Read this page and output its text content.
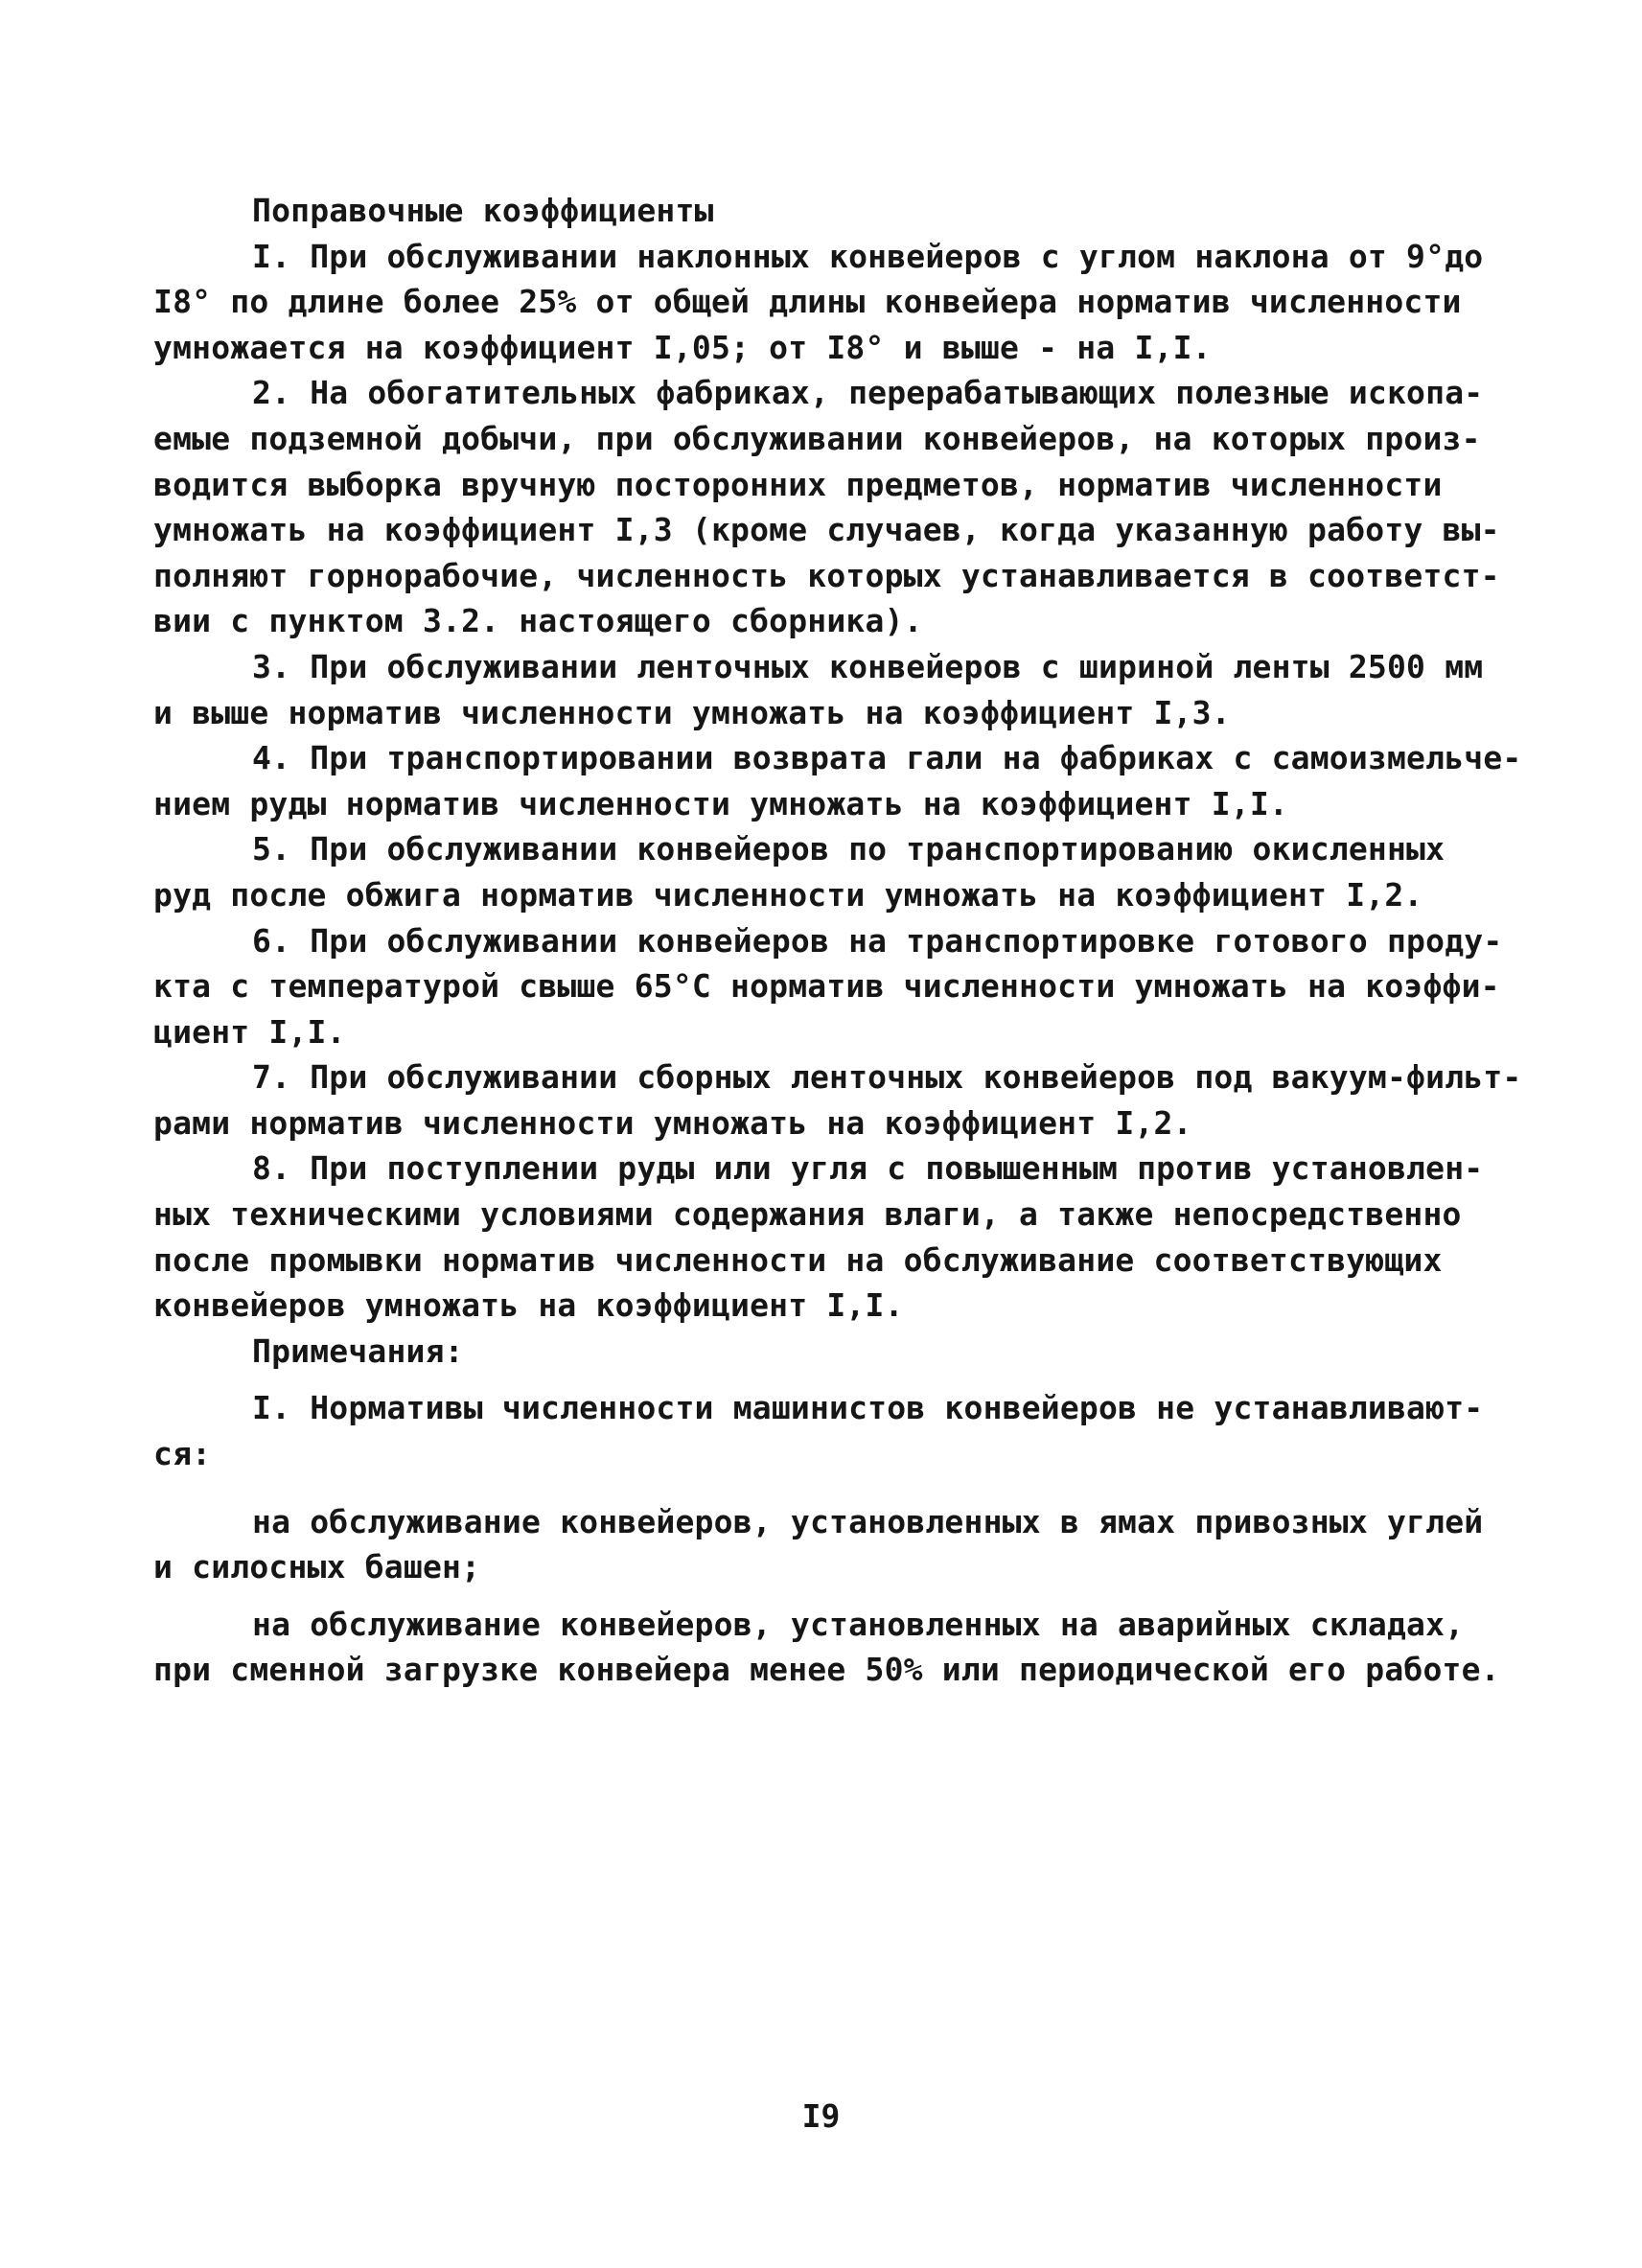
Поправочные коэффициенты
I. При обслуживании наклонных конвейеров с углом наклона от 9°до
I8° по длине более 25% от общей длины конвейера норматив численности
умножается на коэффициент I,05; от I8° и выше - на I,I.
2. На обогатительных фабриках, перерабатывающих полезные ископа-
емые подземной добычи, при обслуживании конвейеров, на которых произ-
водится выборка вручную посторонних предметов, норматив численности
умножать на коэффициент I,3 (кроме случаев, когда указанную работу вы-
полняют горнорабочие, численность которых устанавливается в соответст-
вии с пунктом 3.2. настоящего сборника).
3. При обслуживании ленточных конвейеров с шириной ленты 2500 мм
и выше норматив численности умножать на коэффициент I,3.
4. При транспортировании возврата гали на фабриках с самоизмельче-
нием руды норматив численности умножать на коэффициент I,I.
5. При обслуживании конвейеров по транспортированию окисленных
руд после обжига норматив численности умножать на коэффициент I,2.
6. При обслуживании конвейеров на транспортировке готового проду-
кта с температурой свыше 65°С норматив численности умножать на коэффи-
циент I,I.
7. При обслуживании сборных ленточных конвейеров под вакуум-фильт-
рами норматив численности умножать на коэффициент I,2.
8. При поступлении руды или угля с повышенным против установлен-
ных техническими условиями содержания влаги, а также непосредственно
после промывки норматив численности на обслуживание соответствующих
конвейеров умножать на коэффициент I,I.
Примечания:
I. Нормативы численности машинистов конвейеров не устанавливают-
ся:
на обслуживание конвейеров, установленных в ямах привозных углей
и силосных башен;
на обслуживание конвейеров, установленных на аварийных складах,
при сменной загрузке конвейера менее 50% или периодической его работе.
I9
